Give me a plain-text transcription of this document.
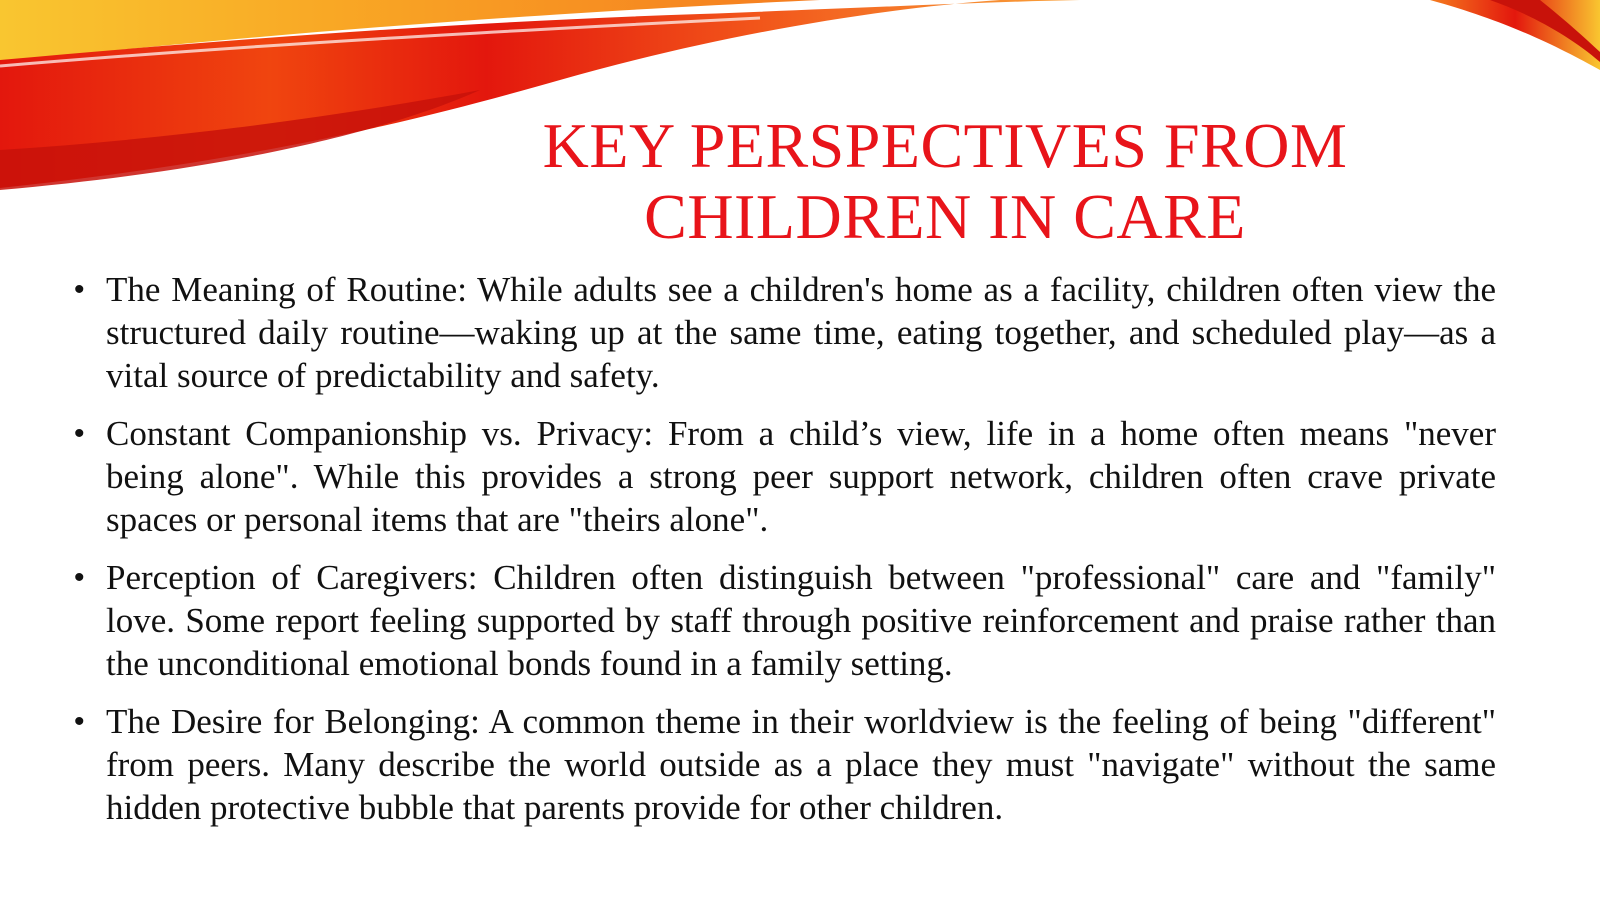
KEY PERSPECTIVES FROM
CHILDREN IN CARE
• The Meaning of Routine: While adults see a children's home as a facility, children often view the structured daily routine—waking up at the same time, eating together, and scheduled play—as a vital source of predictability and safety.
• Constant Companionship vs. Privacy: From a child’s view, life in a home often means "never being alone". While this provides a strong peer support network, children often crave private spaces or personal items that are "theirs alone".
• Perception of Caregivers: Children often distinguish between "professional" care and "family" love. Some report feeling supported by staff through positive reinforcement and praise rather than the unconditional emotional bonds found in a family setting.
• The Desire for Belonging: A common theme in their worldview is the feeling of being "different" from peers. Many describe the world outside as a place they must "navigate" without the same hidden protective bubble that parents provide for other children.
